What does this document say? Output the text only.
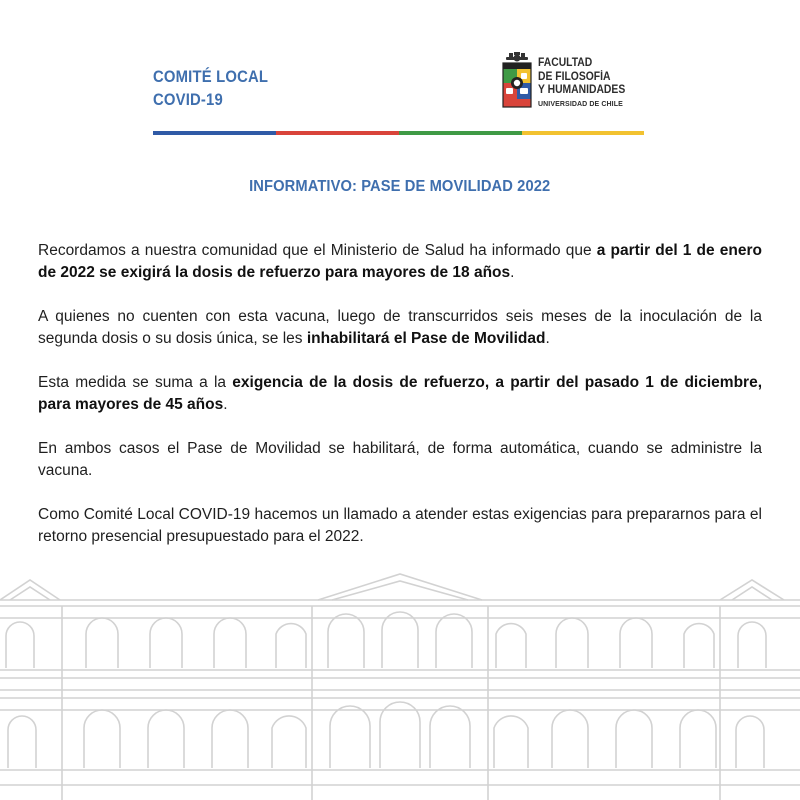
COMITÉ LOCAL
COVID-19
FACULTAD
DE FILOSOFÍA
Y HUMANIDADES
UNIVERSIDAD DE CHILE
INFORMATIVO: PASE DE MOVILIDAD 2022

Recordamos a nuestra comunidad que el Ministerio de Salud ha informado que a partir del 1 de enero de 2022 se exigirá la dosis de refuerzo para mayores de 18 años.

A quienes no cuenten con esta vacuna, luego de transcurridos seis meses de la inoculación de la segunda dosis o su dosis única, se les inhabilitará el Pase de Movilidad.

Esta medida se suma a la exigencia de la dosis de refuerzo, a partir del pasado 1 de diciembre, para mayores de 45 años.

En ambos casos el Pase de Movilidad se habilitará, de forma automática, cuando se administre la vacuna.

Como Comité Local COVID-19 hacemos un llamado a atender estas exigencias para prepararnos para el retorno presencial presupuestado para el 2022.
